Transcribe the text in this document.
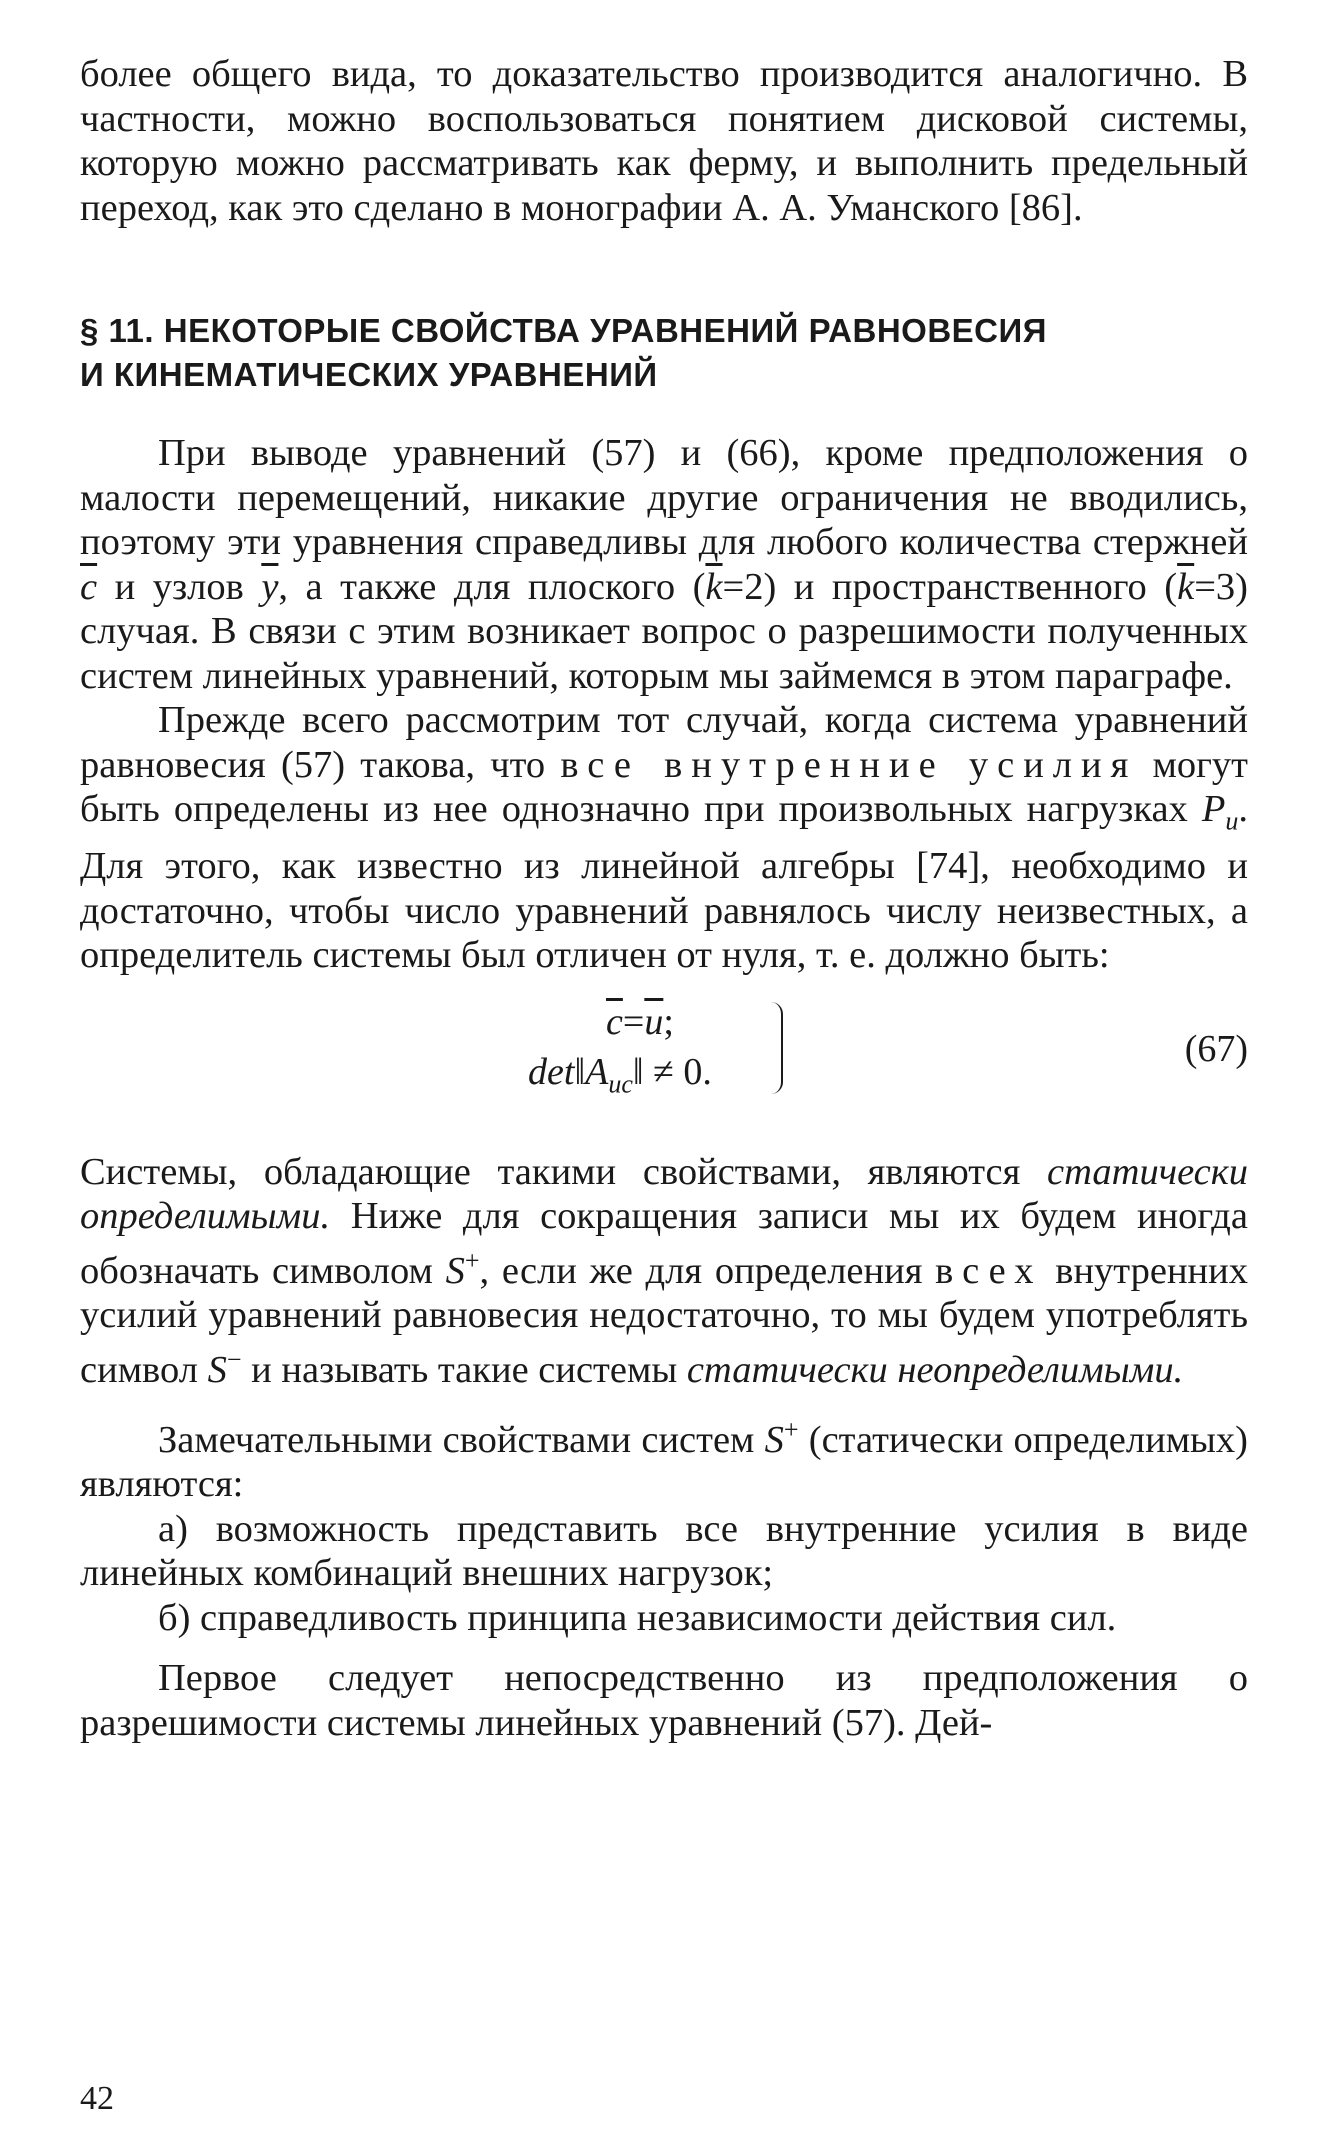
более общего вида, то доказательство производится аналогично. В частности, можно воспользоваться понятием дисковой системы, которую можно рассматривать как ферму, и выполнить предельный переход, как это сделано в монографии А. А. Уманского [86].

§ 11. НЕКОТОРЫЕ СВОЙСТВА УРАВНЕНИЙ РАВНОВЕСИЯ
И КИНЕМАТИЧЕСКИХ УРАВНЕНИЙ

При выводе уравнений (57) и (66), кроме предположения о малости перемещений, никакие другие ограничения не вводились, поэтому эти уравнения справедливы для любого количества стержней $\overline{c}$ и узлов $\overline{y}$, а также для плоского $(\overline{k}=2)$ и пространственного $(\overline{k}=3)$ случая. В связи с этим возникает вопрос о разрешимости полученных систем линейных уравнений, которым мы займемся в этом параграфе.

Прежде всего рассмотрим тот случай, когда система уравнений равновесия (57) такова, что все внутренние усилия могут быть определены из нее однозначно при произвольных нагрузках $P_u$. Для этого, как известно из линейной алгебры [74], необходимо и достаточно, чтобы число уравнений равнялось числу неизвестных, а определитель системы был отличен от нуля, т. е. должно быть:

$\overline{c}=\overline{u}$;
$\det‖A_{uc}‖ \ne 0$.
(67)

Системы, обладающие такими свойствами, являются статически определимыми. Ниже для сокращения записи мы их будем иногда обозначать символом S+, если же для определения всех внутренних усилий уравнений равновесия недостаточно, то мы будем употреблять символ S− и называть такие системы статически неопределимыми.

Замечательными свойствами систем S+ (статически определимых) являются:

а) возможность представить все внутренние усилия в виде линейных комбинаций внешних нагрузок;

б) справедливость принципа независимости действия сил.

Первое следует непосредственно из предположения о разрешимости системы линейных уравнений (57). Дей-

42
